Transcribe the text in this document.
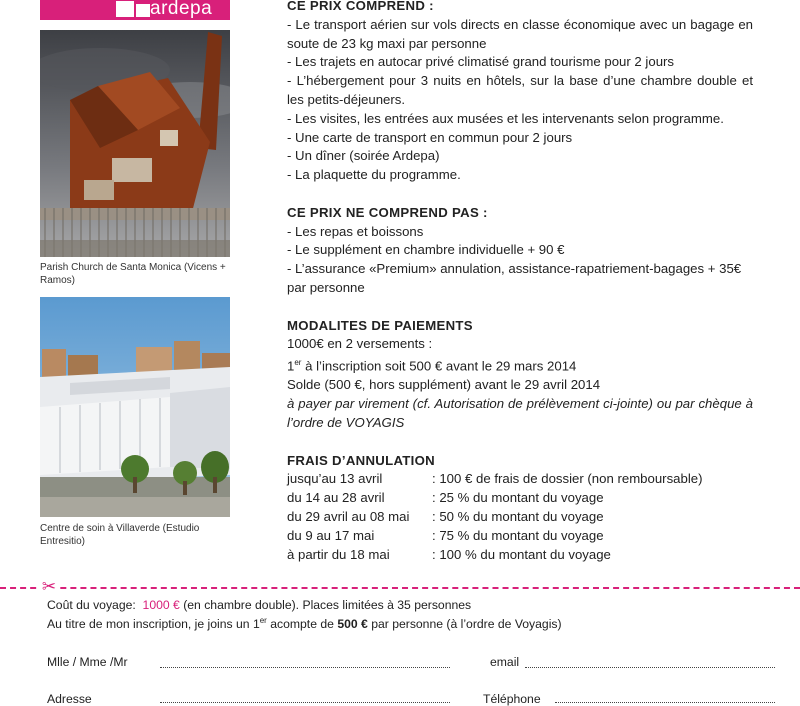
ardepa
Parish Church de Santa Monica (Vicens + Ramos)
Centre de soin à Villaverde (Estudio Entresitio)

CE PRIX COMPREND :

- Le transport aérien sur vols directs en classe économique avec un bagage en soute de 23 kg maxi par personne

- Les trajets en autocar privé climatisé grand tourisme pour 2 jours

- L’hébergement pour 3 nuits en hôtels, sur la base d’une chambre double et les petits-déjeuners.

- Les visites, les entrées aux musées et les intervenants selon programme.

- Une carte de transport en commun pour 2 jours

- Un dîner (soirée Ardepa)

- La plaquette du programme.

CE PRIX NE COMPREND PAS :

- Les repas et boissons

- Le supplément en chambre individuelle + 90 €

- L’assurance «Premium» annulation, assistance-rapatriement-bagages + 35€ par personne

MODALITES DE PAIEMENTS

1000€ en 2 versements :

1er à l’inscription soit 500 € avant le 29 mars 2014

Solde (500 €, hors supplément) avant le 29 avril 2014

à payer par virement (cf. Autorisation de prélèvement ci-jointe) ou par chèque à l’ordre de VOYAGIS

FRAIS D’ANNULATION

jusqu’au 13 avril	: 100 € de frais de dossier (non remboursable)
du 14 au 28 avril	: 25 % du montant du voyage
du 29 avril au 08 mai	: 50 % du montant du voyage
du 9 au 17 mai	: 75 % du montant du voyage
à partir du 18 mai	: 100 % du montant du voyage
✂
Coût du voyage: 1000 € (en chambre double). Places limitées à 35 personnes
Au titre de mon inscription, je joins un 1er acompte de 500 € par personne (à l’ordre de Voyagis)
Mlle / Mme /Mr	email
Adresse	Téléphone
